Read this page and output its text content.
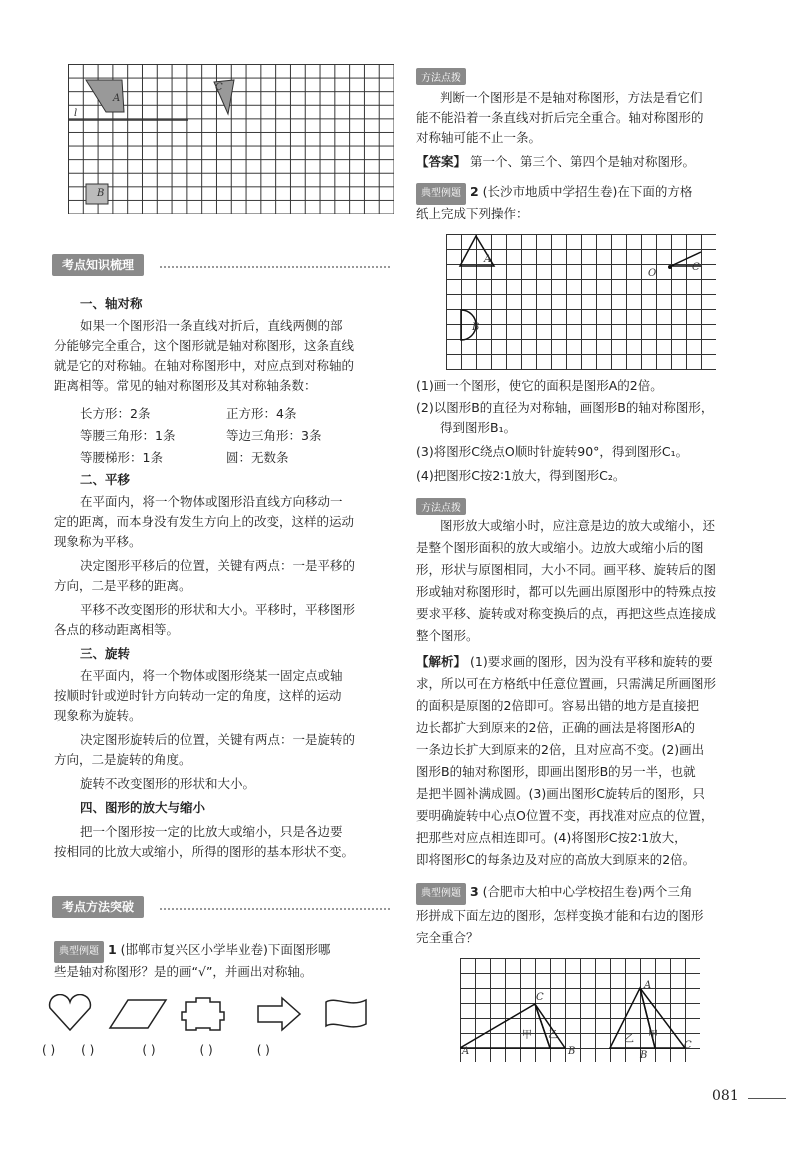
A
C
B
l
考点知识梳理
一、轴对称
如果一个图形沿一条直线对折后，直线两侧的部
分能够完全重合，这个图形就是轴对称图形，这条直线
就是它的对称轴。在轴对称图形中，对应点到对称轴的
距离相等。常见的轴对称图形及其对称轴条数：
长方形：2条	正方形：4条
等腰三角形：1条	等边三角形：3条
等腰梯形：1条	圆：无数条
二、平移
在平面内，将一个物体或图形沿直线方向移动一
定的距离，而本身没有发生方向上的改变，这样的运动
现象称为平移。
决定图形平移后的位置，关键有两点：一是平移的
方向，二是平移的距离。
平移不改变图形的形状和大小。平移时，平移图形
各点的移动距离相等。
三、旋转
在平面内，将一个物体或图形绕某一固定点或轴
按顺时针或逆时针方向转动一定的角度，这样的运动
现象称为旋转。
决定图形旋转后的位置，关键有两点：一是旋转的
方向，二是旋转的角度。
旋转不改变图形的形状和大小。
四、图形的放大与缩小
把一个图形按一定的比放大或缩小，只是各边要
按相同的比放大或缩小，所得的图形的基本形状不变。
考点方法突破
典型例题 1 (邯郸市复兴区小学毕业卷)下面图形哪
些是轴对称图形？是的画“√”，并画出对称轴。
( ) ( )	( )	( )	( )
方法点拨
判断一个图形是不是轴对称图形，方法是看它们
能不能沿着一条直线对折后完全重合。轴对称图形的
对称轴可能不止一条。
【答案】 第一个、第三个、第四个是轴对称图形。
典型例题 2 (长沙市地质中学招生卷)在下面的方格
纸上完成下列操作：
A
B
C
O
(1)画一个图形，使它的面积是图形A的2倍。
(2)以图形B的直径为对称轴，画图形B的轴对称图形，
得到图形B₁。
(3)将图形C绕点O顺时针旋转90°，得到图形C₁。
(4)把图形C按2∶1放大，得到图形C₂。
方法点拨
图形放大或缩小时，应注意是边的放大或缩小，还
是整个图形面积的放大或缩小。边放大或缩小后的图
形，形状与原图相同，大小不同。画平移、旋转后的图
形或轴对称图形时，都可以先画出原图形中的特殊点按
要求平移、旋转或对称变换后的点，再把这些点连接成
整个图形。
【解析】 (1)要求画的图形，因为没有平移和旋转的要
求，所以可在方格纸中任意位置画，只需满足所画图形
的面积是原图的2倍即可。容易出错的地方是直接把
边长都扩大到原来的2倍，正确的画法是将图形A的
一条边长扩大到原来的2倍，且对应高不变。(2)画出
图形B的轴对称图形，即画出图形B的另一半，也就
是把半圆补满成圆。(3)画出图形C旋转后的图形，只
要明确旋转中心点O位置不变，再找准对应点的位置，
把那些对应点相连即可。(4)将图形C按2∶1放大，
即将图形C的每条边及对应的高放大到原来的2倍。
典型例题 3 (合肥市大柏中心学校招生卷)两个三角
形拼成下面左边的图形，怎样变换才能和右边的图形
完全重合？
A	B
C
甲 乙
A
乙 甲
B
C
081
